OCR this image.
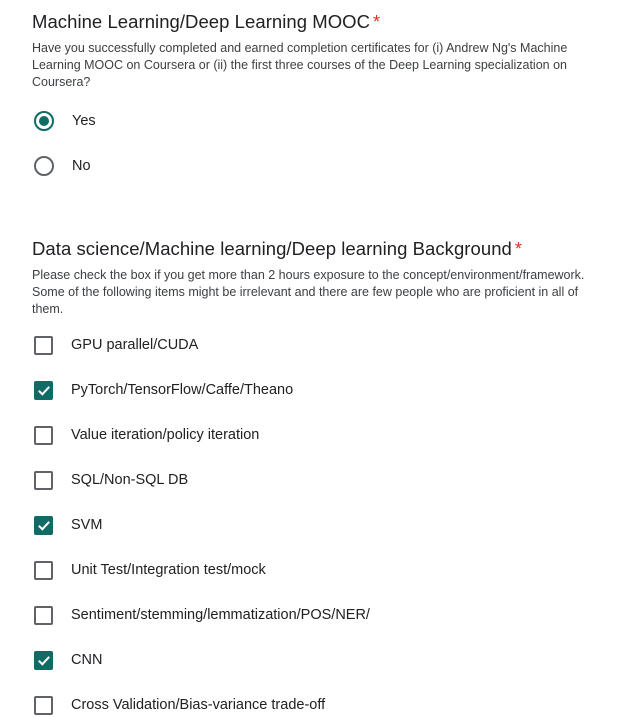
Machine Learning/Deep Learning MOOC *

Have you successfully completed and earned completion certificates for (i) Andrew Ng's Machine Learning MOOC on Coursera or (ii) the first three courses of the Deep Learning specialization on Coursera?

Yes
No
Data science/Machine learning/Deep learning Background *

Please check the box if you get more than 2 hours exposure to the concept/environment/framework. Some of the following items might be irrelevant and there are few people who are proficient in all of them.

GPU parallel/CUDA
PyTorch/TensorFlow/Caffe/Theano
Value iteration/policy iteration
SQL/Non-SQL DB
SVM
Unit Test/Integration test/mock
Sentiment/stemming/lemmatization/POS/NER/
CNN
Cross Validation/Bias-variance trade-off
